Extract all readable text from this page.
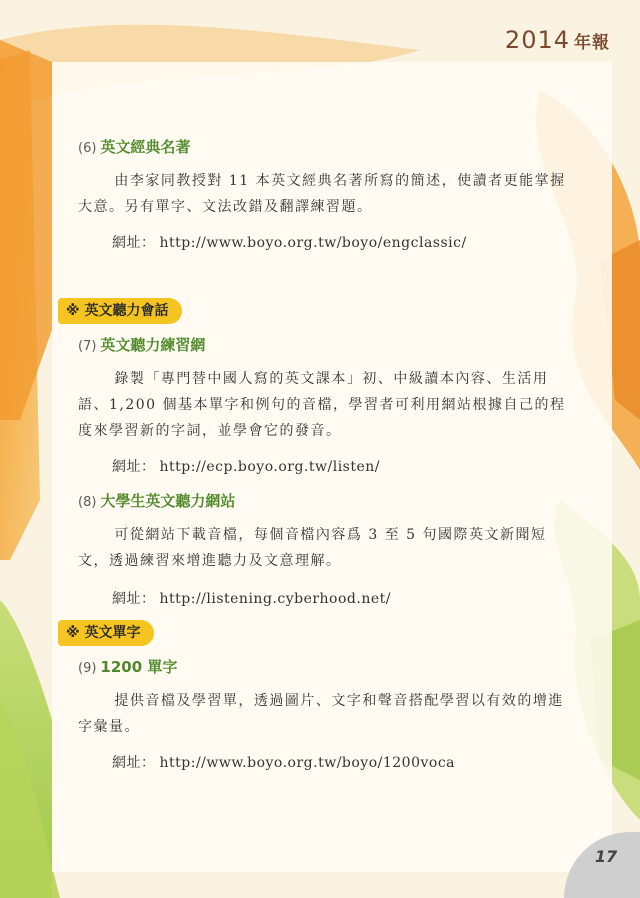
2014 年報
(6) 英文經典名著
由李家同教授對 11 本英文經典名著所寫的簡述，使讀者更能掌握大意。另有單字、文法改錯及翻譯練習題。
網址： http://www.boyo.org.tw/boyo/engclassic/
※ 英文聽力會話
(7) 英文聽力練習網
錄製「專門替中國人寫的英文課本」初、中級讀本內容、生活用語、1,200 個基本單字和例句的音檔，學習者可利用網站根據自己的程度來學習新的字詞，並學會它的發音。
網址： http://ecp.boyo.org.tw/listen/
(8) 大學生英文聽力網站
可從網站下載音檔，每個音檔內容爲 3 至 5 句國際英文新聞短文，透過練習來增進聽力及文意理解。
網址： http://listening.cyberhood.net/
※ 英文單字
(9) 1200 單字
提供音檔及學習單，透過圖片、文字和聲音搭配學習以有效的增進字彙量。
網址： http://www.boyo.org.tw/boyo/1200voca
17
